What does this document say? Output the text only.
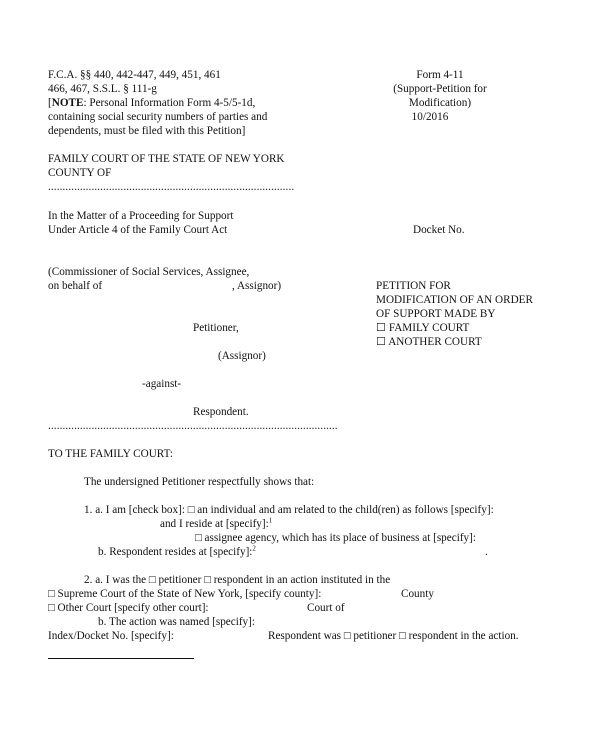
F.C.A. §§ 440, 442-447, 449, 451, 461
466, 467, S.S.L. § 111-g
[NOTE: Personal Information Form 4-5/5-1d,
containing social security numbers of parties and
dependents, must be filed with this Petition]
Form 4-11
(Support-Petition for
Modification)
10/2016
FAMILY COURT OF THE STATE OF NEW YORK
COUNTY OF
.....................................................................................
In the Matter of a Proceeding for Support
Under Article 4 of the Family Court Act	Docket No.
(Commissioner of Social Services, Assignee,
on behalf of	, Assignor)
Petitioner,
(Assignor)
-against-
Respondent.
....................................................................................................
PETITION FOR
MODIFICATION OF AN ORDER
OF SUPPORT MADE BY
☐ FAMILY COURT
☐ ANOTHER COURT
TO THE FAMILY COURT:
The undersigned Petitioner respectfully shows that:
1. a. I am [check box]: □ an individual and am related to the child(ren) as follows [specify]:
and I reside at [specify]:$^1$
□ assignee agency, which has its place of business at [specify]:
b. Respondent resides at [specify]:$^2$	.
2. a. I was the □ petitioner □ respondent in an action instituted in the
□ Supreme Court of the State of New York, [specify county]:	County
□ Other Court [specify other court]:	Court of
b. The action was named [specify]:
Index/Docket No. [specify]:	Respondent was □ petitioner □ respondent in the action.
